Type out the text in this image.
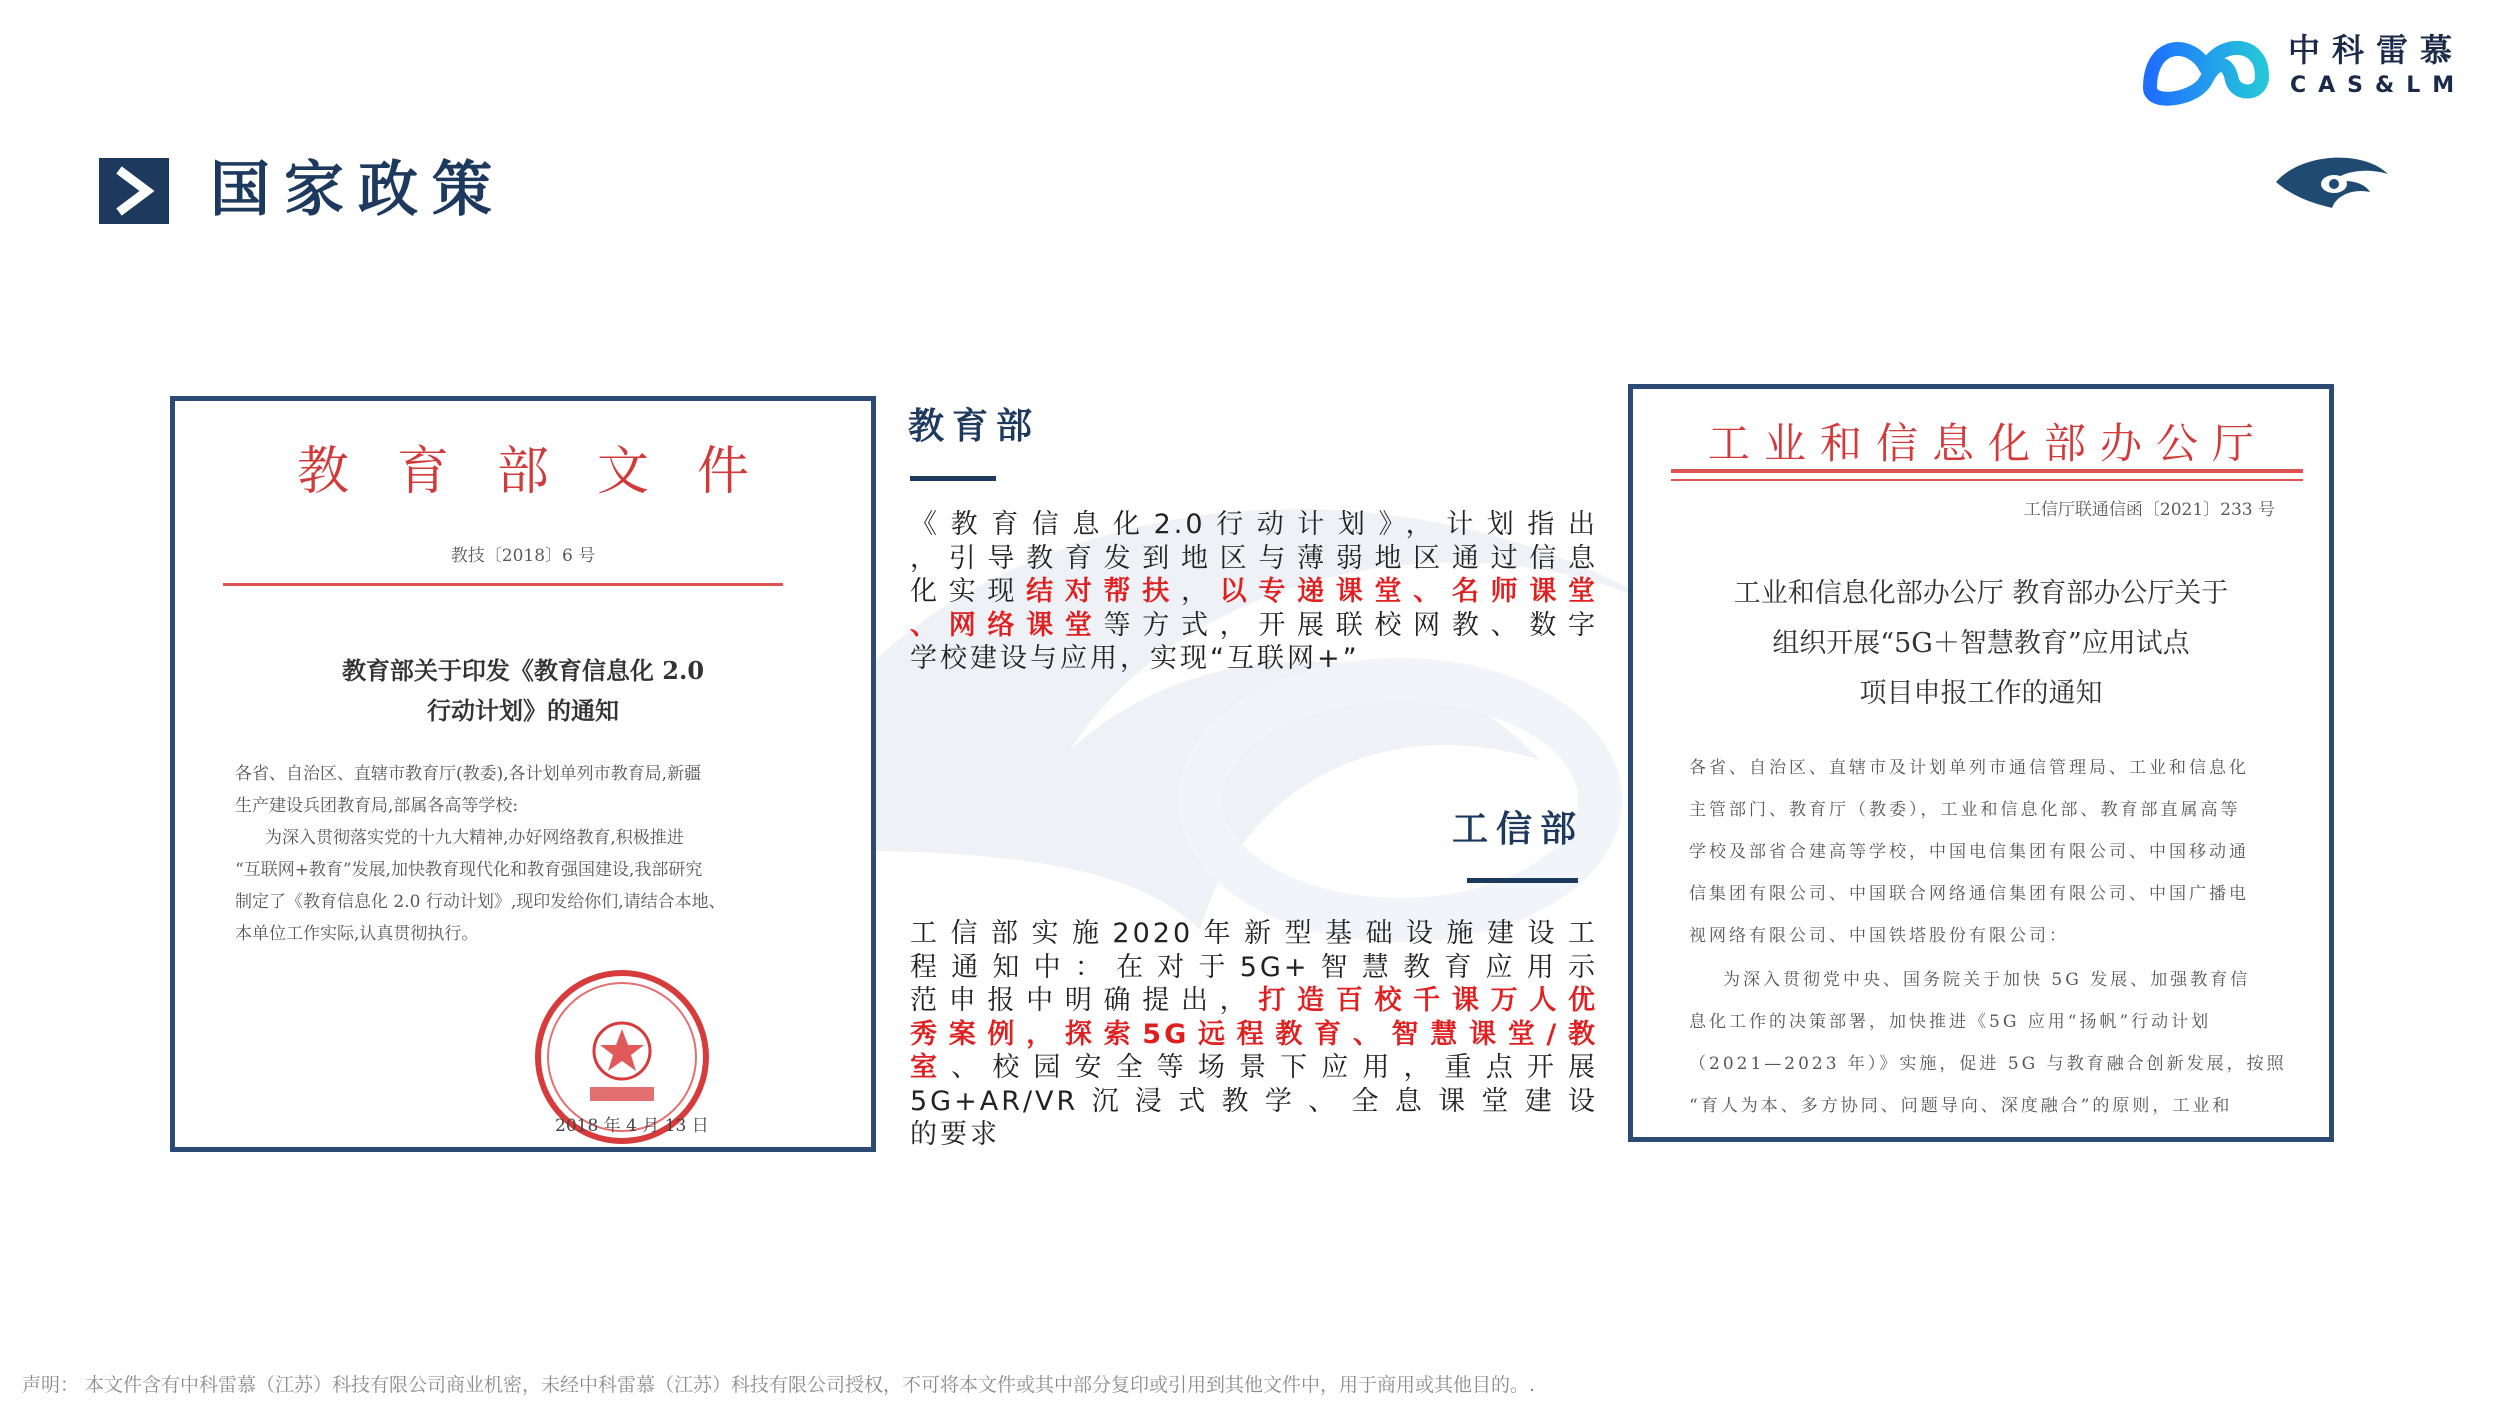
国家政策
中科雷慕
CAS&LM
教育部文件
教技〔2018〕6 号
教育部关于印发《教育信息化 2.0
行动计划》的通知
各省、自治区、直辖市教育厅(教委),各计划单列市教育局,新疆
生产建设兵团教育局,部属各高等学校:
为深入贯彻落实党的十九大精神,办好网络教育,积极推进
“互联网+教育”发展,加快教育现代化和教育强国建设,我部研究
制定了《教育信息化 2.0 行动计划》,现印发给你们,请结合本地、
本单位工作实际,认真贯彻执行。
2018 年 4 月 13 日
工业和信息化部办公厅
工信厅联通信函〔2021〕233 号
工业和信息化部办公厅 教育部办公厅关于
组织开展“5G＋智慧教育”应用试点
项目申报工作的通知
各省、自治区、直辖市及计划单列市通信管理局、工业和信息化
主管部门、教育厅（教委），工业和信息化部、教育部直属高等
学校及部省合建高等学校，中国电信集团有限公司、中国移动通
信集团有限公司、中国联合网络通信集团有限公司、中国广播电
视网络有限公司、中国铁塔股份有限公司：
为深入贯彻党中央、国务院关于加快 5G 发展、加强教育信
息化工作的决策部署，加快推进《5G 应用“扬帆”行动计划
（2021—2023 年）》实施，促进 5G 与教育融合创新发展，按照
“育人为本、多方协同、问题导向、深度融合”的原则，工业和
教育部
《教育信息化2.0行动计划》，计划指出
，引导教育发到地区与薄弱地区通过信息
化实现结对帮扶，以专递课堂、名师课堂
、网络课堂等方式，开展联校网教、数字
学校建设与应用，实现“互联网+”
工信部
工信部实施2020年新型基础设施建设工
程通知中：在对于5G+智慧教育应用示
范申报中明确提出，打造百校千课万人优
秀案例，探索5G远程教育、智慧课堂/教
室、校园安全等场景下应用，重点开展
5G+AR/VR沉浸式教学、全息课堂建设
的要求
声明： 本文件含有中科雷慕（江苏）科技有限公司商业机密，未经中科雷慕（江苏）科技有限公司授权，不可将本文件或其中部分复印或引用到其他文件中，用于商用或其他目的。.
